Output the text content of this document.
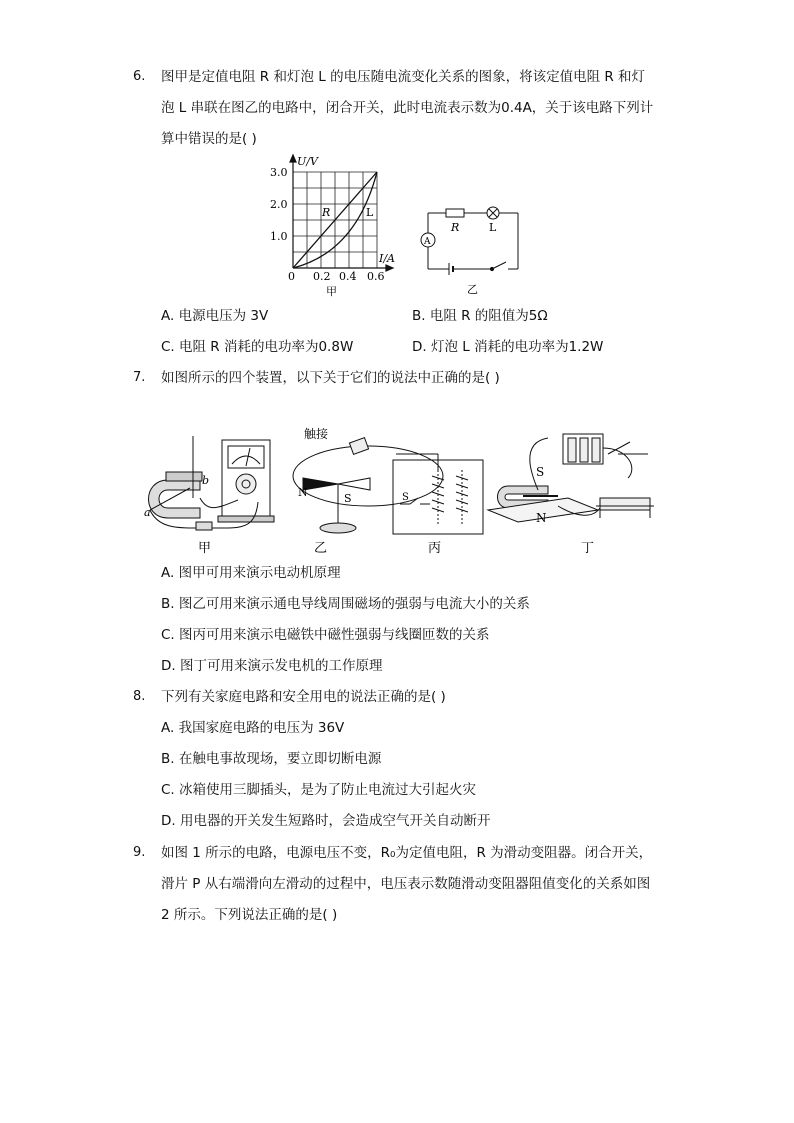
6. 图甲是定值电阻 R 和灯泡 L 的电压随电流变化关系的图象，将该定值电阻 R 和灯
泡 L 串联在图乙的电路中，闭合开关，此时电流表示数为0.4A，关于该电路下列计
算中错误的是( )
U/V
I/A
3.0
2.0
1.0
0 0.2 0.4 0.6
R	L
甲
A
R	L
乙
A. 电源电压为 3V	B. 电阻 R 的阻值为5Ω
C. 电阻 R 消耗的电功率为0.8W	D. 灯泡 L 消耗的电功率为1.2W
7. 如图所示的四个装置，以下关于它们的说法中正确的是( )
a
b
触接
N	S	S
S
N
甲	乙	丙	丁
A. 图甲可用来演示电动机原理
B. 图乙可用来演示通电导线周围磁场的强弱与电流大小的关系
C. 图丙可用来演示电磁铁中磁性强弱与线圈匝数的关系
D. 图丁可用来演示发电机的工作原理
8. 下列有关家庭电路和安全用电的说法正确的是( )
A. 我国家庭电路的电压为 36V
B. 在触电事故现场，要立即切断电源
C. 冰箱使用三脚插头，是为了防止电流过大引起火灾
D. 用电器的开关发生短路时，会造成空气开关自动断开
9. 如图 1 所示的电路，电源电压不变，R₀为定值电阻，R 为滑动变阻器。闭合开关，
滑片 P 从右端滑向左滑动的过程中，电压表示数随滑动变阻器阻值变化的关系如图
2 所示。下列说法正确的是( )
